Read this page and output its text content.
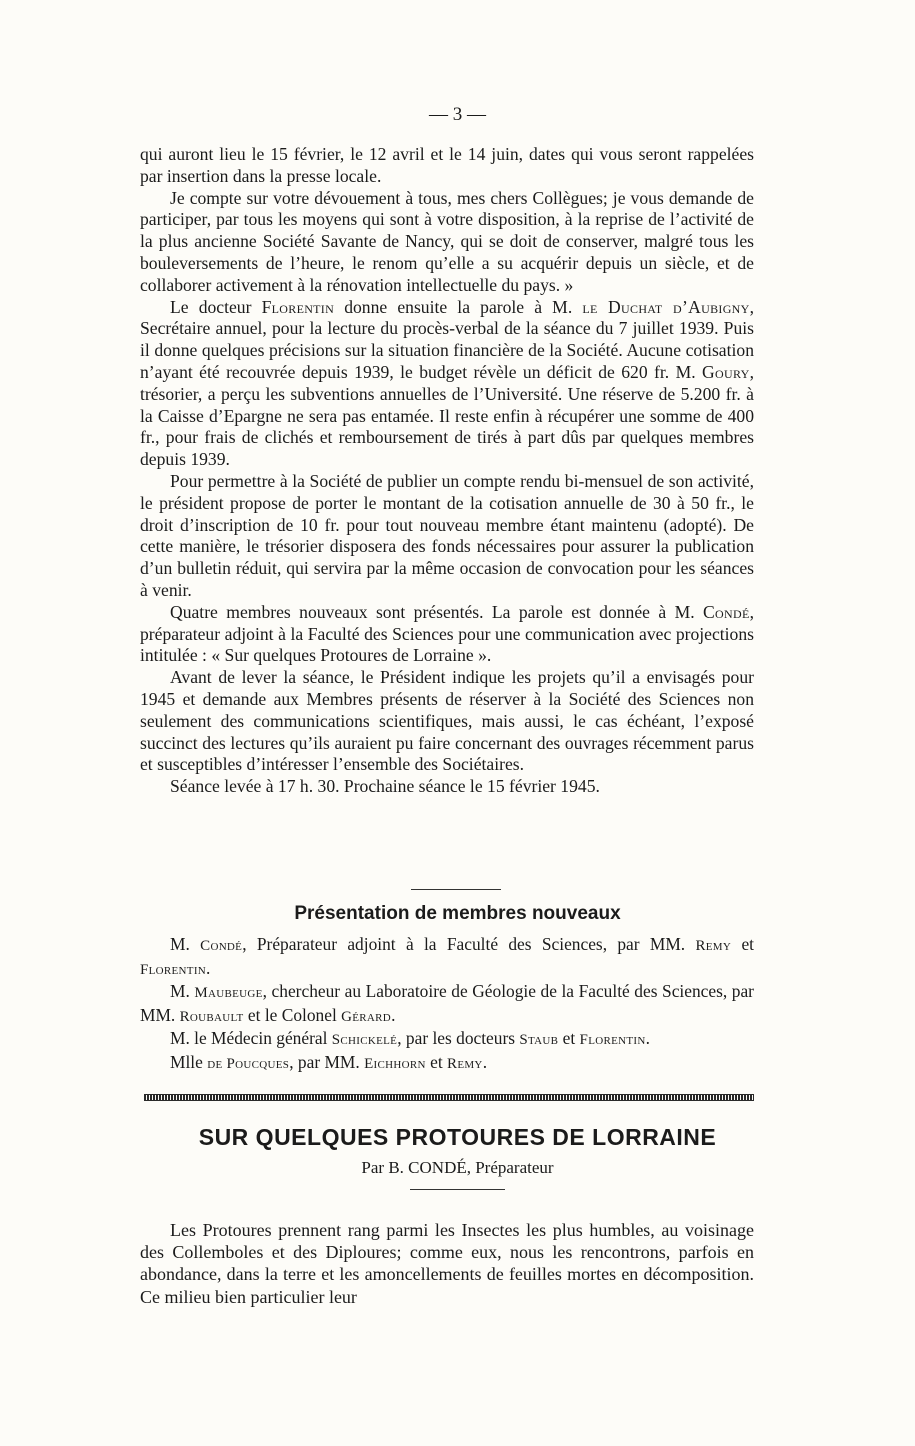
— 3 —

qui auront lieu le 15 février, le 12 avril et le 14 juin, dates qui vous seront rappelées par insertion dans la presse locale.

Je compte sur votre dévouement à tous, mes chers Collègues; je vous demande de participer, par tous les moyens qui sont à votre disposition, à la reprise de l’activité de la plus ancienne Société Savante de Nancy, qui se doit de conserver, malgré tous les bouleversements de l’heure, le renom qu’elle a su acquérir depuis un siècle, et de collaborer activement à la rénovation intellectuelle du pays. »

Le docteur Florentin donne ensuite la parole à M. le Duchat d’Aubigny, Secrétaire annuel, pour la lecture du procès-verbal de la séance du 7 juillet 1939. Puis il donne quelques précisions sur la situation financière de la Société. Aucune cotisation n’ayant été recouvrée depuis 1939, le budget révèle un déficit de 620 fr. M. Goury, trésorier, a perçu les subventions annuelles de l’Université. Une réserve de 5.200 fr. à la Caisse d’Epargne ne sera pas entamée. Il reste enfin à récupérer une somme de 400 fr., pour frais de clichés et remboursement de tirés à part dûs par quelques membres depuis 1939.

Pour permettre à la Société de publier un compte rendu bi-mensuel de son activité, le président propose de porter le montant de la cotisation annuelle de 30 à 50 fr., le droit d’inscription de 10 fr. pour tout nouveau membre étant maintenu (adopté). De cette manière, le trésorier disposera des fonds nécessaires pour assurer la publication d’un bulletin réduit, qui servira par la même occasion de convocation pour les séances à venir.

Quatre membres nouveaux sont présentés. La parole est donnée à M. Condé, préparateur adjoint à la Faculté des Sciences pour une communication avec projections intitulée : « Sur quelques Protoures de Lorraine ».

Avant de lever la séance, le Président indique les projets qu’il a envisagés pour 1945 et demande aux Membres présents de réserver à la Société des Sciences non seulement des communications scientifiques, mais aussi, le cas échéant, l’exposé succinct des lectures qu’ils auraient pu faire concernant des ouvrages récemment parus et susceptibles d’intéresser l’ensemble des Sociétaires.

Séance levée à 17 h. 30. Prochaine séance le 15 février 1945.

Présentation de membres nouveaux

M. Condé, Préparateur adjoint à la Faculté des Sciences, par MM. Remy et Florentin.

M. Maubeuge, chercheur au Laboratoire de Géologie de la Faculté des Sciences, par MM. Roubault et le Colonel Gérard.

M. le Médecin général Schickelé, par les docteurs Staub et Florentin.

Mlle de Poucques, par MM. Eichhorn et Remy.

SUR QUELQUES PROTOURES DE LORRAINE
Par B. CONDÉ, Préparateur

Les Protoures prennent rang parmi les Insectes les plus humbles, au voisinage des Collemboles et des Diploures; comme eux, nous les rencontrons, parfois en abondance, dans la terre et les amoncellements de feuilles mortes en décomposition. Ce milieu bien particulier leur
